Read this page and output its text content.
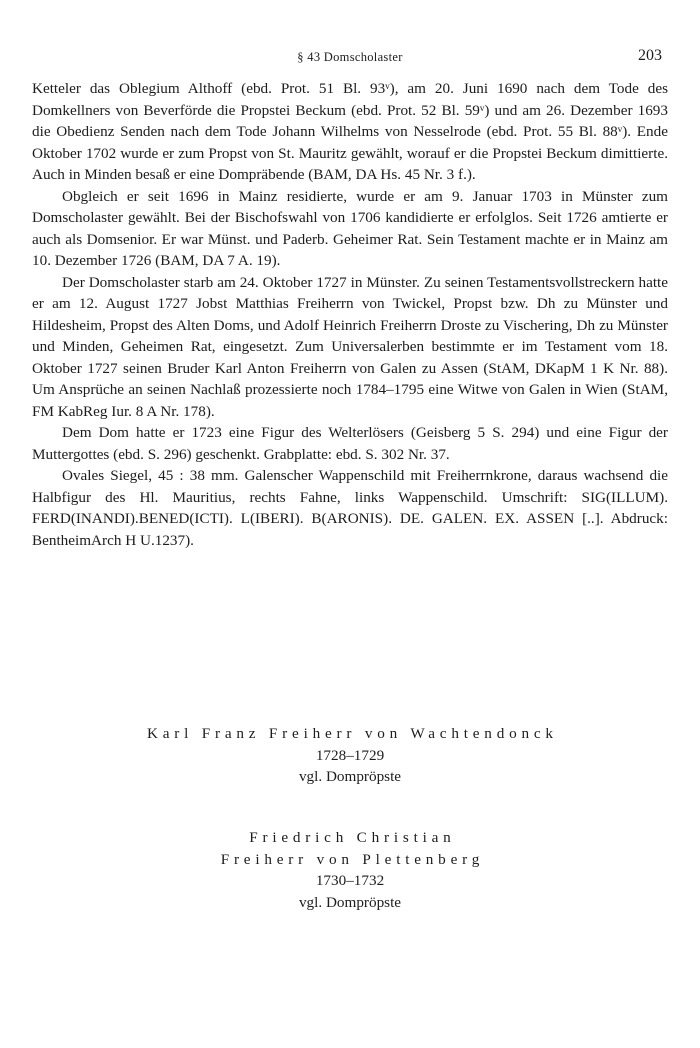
§ 43 Domscholaster	203

Ketteler das Oblegium Althoff (ebd. Prot. 51 Bl. 93ᵛ), am 20. Juni 1690 nach dem Tode des Domkellners von Beverförde die Propstei Beckum (ebd. Prot. 52 Bl. 59ᵛ) und am 26. Dezember 1693 die Obedienz Senden nach dem Tode Johann Wilhelms von Nesselrode (ebd. Prot. 55 Bl. 88ᵛ). Ende Oktober 1702 wurde er zum Propst von St. Mauritz gewählt, worauf er die Propstei Beckum dimittierte. Auch in Minden besaß er eine Dompräbende (BAM, DA Hs. 45 Nr. 3 f.).

Obgleich er seit 1696 in Mainz residierte, wurde er am 9. Januar 1703 in Münster zum Domscholaster gewählt. Bei der Bischofswahl von 1706 kandidierte er erfolglos. Seit 1726 amtierte er auch als Domsenior. Er war Münst. und Paderb. Geheimer Rat. Sein Testament machte er in Mainz am 10. Dezember 1726 (BAM, DA 7 A. 19).

Der Domscholaster starb am 24. Oktober 1727 in Münster. Zu seinen Testamentsvollstreckern hatte er am 12. August 1727 Jobst Matthias Freiherrn von Twickel, Propst bzw. Dh zu Münster und Hildesheim, Propst des Alten Doms, und Adolf Heinrich Freiherrn Droste zu Vischering, Dh zu Münster und Minden, Geheimen Rat, eingesetzt. Zum Universalerben bestimmte er im Testament vom 18. Oktober 1727 seinen Bruder Karl Anton Freiherrn von Galen zu Assen (StAM, DKapM 1 K Nr. 88). Um Ansprüche an seinen Nachlaß prozessierte noch 1784–1795 eine Witwe von Galen in Wien (StAM, FM KabReg Iur. 8 A Nr. 178).

Dem Dom hatte er 1723 eine Figur des Welterlösers (Geisberg 5 S. 294) und eine Figur der Muttergottes (ebd. S. 296) geschenkt. Grabplatte: ebd. S. 302 Nr. 37.

Ovales Siegel, 45 : 38 mm. Galenscher Wappenschild mit Freiherrnkrone, daraus wachsend die Halbfigur des Hl. Mauritius, rechts Fahne, links Wappenschild. Umschrift: SIG(ILLUM). FERD(INANDI).BENED(ICTI). L(IBERI). B(ARONIS). DE. GALEN. EX. ASSEN [..]. Abdruck: BentheimArch H U.1237).

Karl Franz Freiherr von Wachtendonck
1728–1729
vgl. Dompröpste
Friedrich Christian
Freiherr von Plettenberg
1730–1732
vgl. Dompröpste
